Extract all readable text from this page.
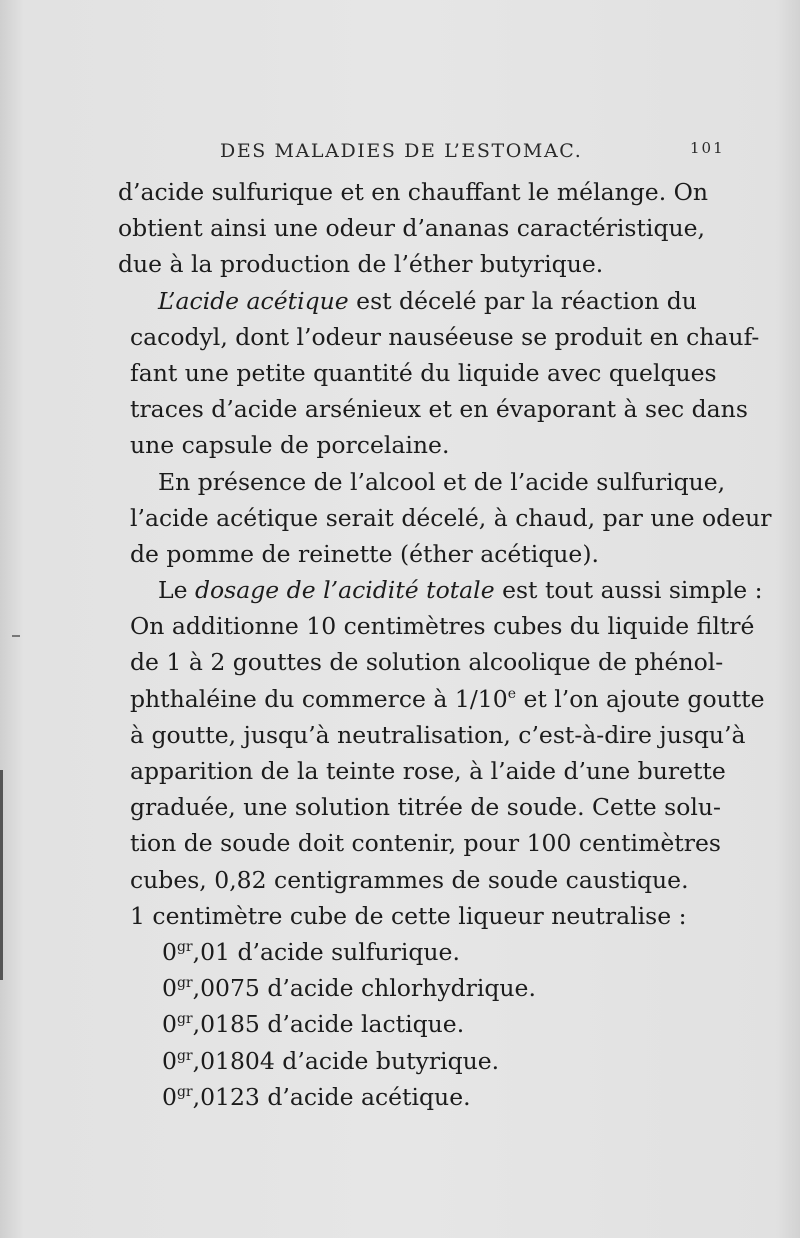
DES MALADIES DE L’ESTOMAC.	101
d’acide sulfurique et en chauffant le mélange. On
obtient ainsi une odeur d’ananas caractéristique,
due à la production de l’éther butyrique.
L’acide acétique est décelé par la réaction du
cacodyl, dont l’odeur nauséeuse se produit en chauf-
fant une petite quantité du liquide avec quelques
traces d’acide arsénieux et en évaporant à sec dans
une capsule de porcelaine.
En présence de l’alcool et de l’acide sulfurique,
l’acide acétique serait décelé, à chaud, par une odeur
de pomme de reinette (éther acétique).
Le dosage de l’acidité totale est tout aussi simple :
On additionne 10 centimètres cubes du liquide filtré
de 1 à 2 gouttes de solution alcoolique de phénol-
phthaléine du commerce à 1/10e et l’on ajoute goutte
à goutte, jusqu’à neutralisation, c’est-à-dire jusqu’à
apparition de la teinte rose, à l’aide d’une burette
graduée, une solution titrée de soude. Cette solu-
tion de soude doit contenir, pour 100 centimètres
cubes, 0,82 centigrammes de soude caustique.
1 centimètre cube de cette liqueur neutralise :
$0^{gr},01$ d’acide sulfurique.
$0^{gr},0075$ d’acide chlorhydrique.
$0^{gr},0185$ d’acide lactique.
$0^{gr},01804$ d’acide butyrique.
$0^{gr},0123$ d’acide acétique.
